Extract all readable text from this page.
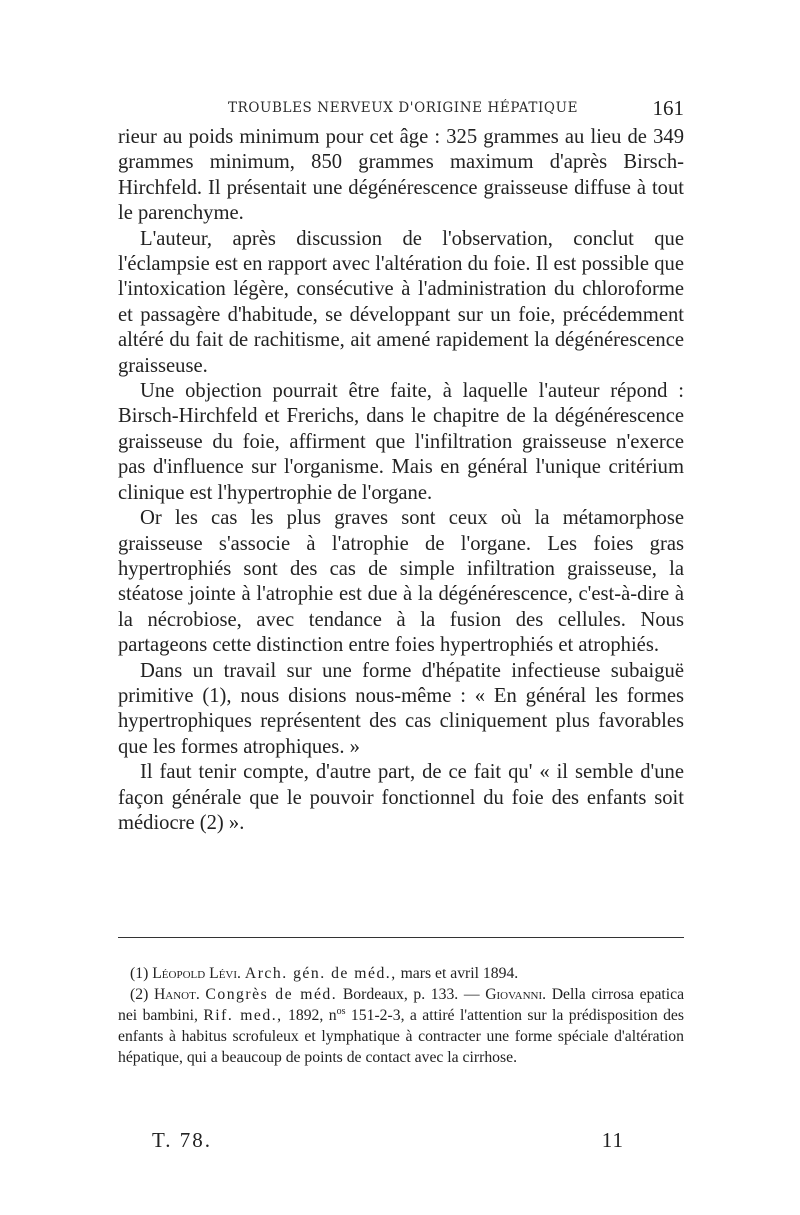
TROUBLES NERVEUX D'ORIGINE HÉPATIQUE	161

rieur au poids minimum pour cet âge : 325 grammes au lieu de 349 grammes minimum, 850 grammes maximum d'après Birsch-Hirchfeld. Il présentait une dégénérescence graisseuse diffuse à tout le parenchyme.

L'auteur, après discussion de l'observation, conclut que l'éclampsie est en rapport avec l'altération du foie. Il est possible que l'intoxication légère, consécutive à l'administration du chloroforme et passagère d'habitude, se développant sur un foie, précédemment altéré du fait de rachitisme, ait amené rapidement la dégénérescence graisseuse.

Une objection pourrait être faite, à laquelle l'auteur répond : Birsch-Hirchfeld et Frerichs, dans le chapitre de la dégénérescence graisseuse du foie, affirment que l'infiltration graisseuse n'exerce pas d'influence sur l'organisme. Mais en général l'unique critérium clinique est l'hypertrophie de l'organe.

Or les cas les plus graves sont ceux où la métamorphose graisseuse s'associe à l'atrophie de l'organe. Les foies gras hypertrophiés sont des cas de simple infiltration graisseuse, la stéatose jointe à l'atrophie est due à la dégénérescence, c'est-à-dire à la nécrobiose, avec tendance à la fusion des cellules. Nous partageons cette distinction entre foies hypertrophiés et atrophiés.

Dans un travail sur une forme d'hépatite infectieuse subaiguë primitive (1), nous disions nous-même : « En général les formes hypertrophiques représentent des cas cliniquement plus favorables que les formes atrophiques. »

Il faut tenir compte, d'autre part, de ce fait qu' « il semble d'une façon générale que le pouvoir fonctionnel du foie des enfants soit médiocre (2) ».

(1) Léopold Lévi. Arch. gén. de méd., mars et avril 1894.

(2) Hanot. Congrès de méd. Bordeaux, p. 133. — Giovanni. Della cirrosa epatica nei bambini, Rif. med., 1892, $n^{os}$ 151-2-3, a attiré l'attention sur la prédisposition des enfants à habitus scrofuleux et lymphatique à contracter une forme spéciale d'altération hépatique, qui a beaucoup de points de contact avec la cirrhose.

T. 78.	11
